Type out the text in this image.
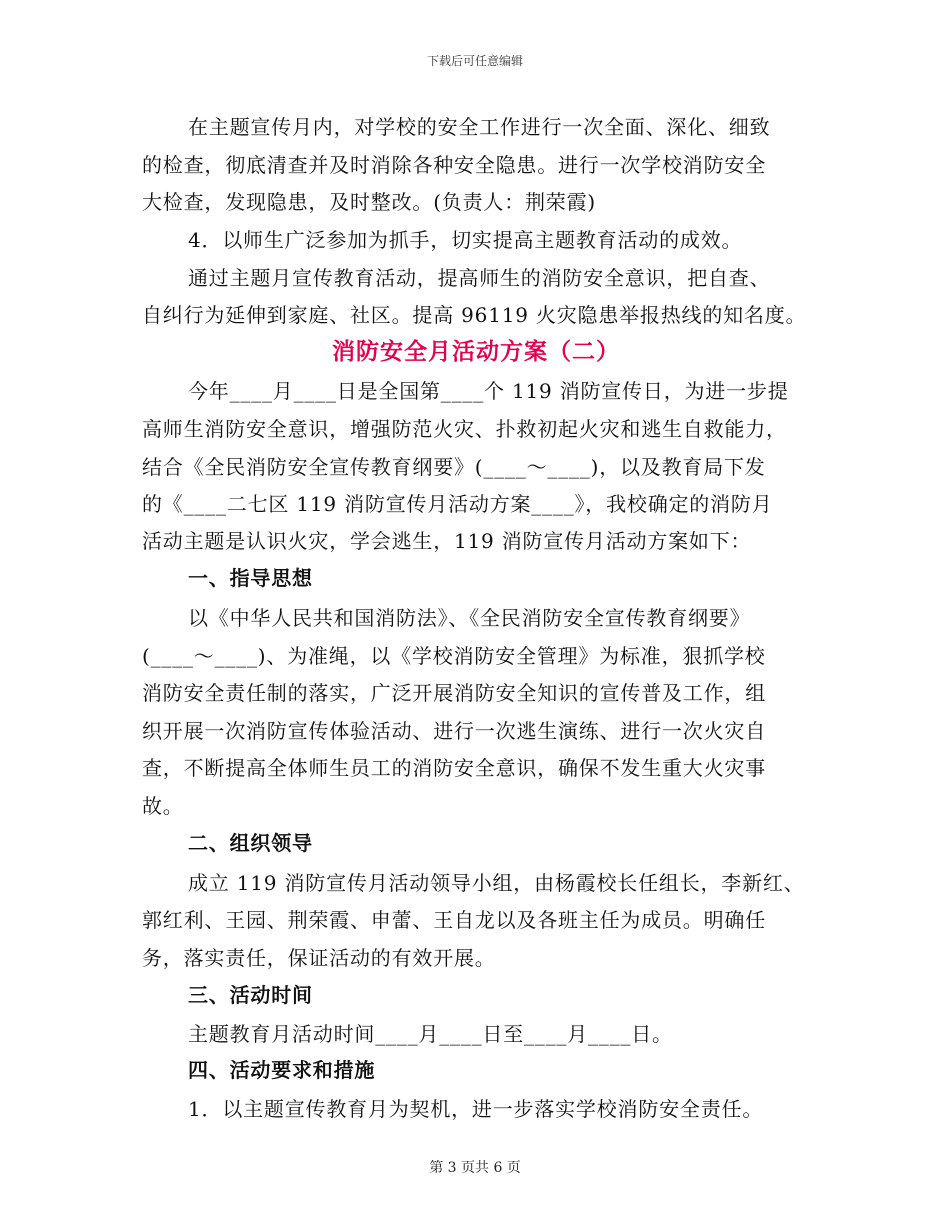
下载后可任意编辑
在主题宣传月内，对学校的安全工作进行一次全面、深化、细致
的检查，彻底清查并及时消除各种安全隐患。进行一次学校消防安全
大检查，发现隐患，及时整改。(负责人：荆荣霞)
4．以师生广泛参加为抓手，切实提高主题教育活动的成效。
通过主题月宣传教育活动，提高师生的消防安全意识，把自查、
自纠行为延伸到家庭、社区。提高 96119 火灾隐患举报热线的知名度。
消防安全月活动方案（二）
今年____月____日是全国第____个 119 消防宣传日，为进一步提
高师生消防安全意识，增强防范火灾、扑救初起火灾和逃生自救能力，
结合《全民消防安全宣传教育纲要》(____～____)，以及教育局下发
的《____二七区 119 消防宣传月活动方案____》，我校确定的消防月
活动主题是认识火灾，学会逃生，119 消防宣传月活动方案如下：
一、指导思想
以《中华人民共和国消防法》、《全民消防安全宣传教育纲要》
(____～____)、为准绳，以《学校消防安全管理》为标准，狠抓学校
消防安全责任制的落实，广泛开展消防安全知识的宣传普及工作，组
织开展一次消防宣传体验活动、进行一次逃生演练、进行一次火灾自
查，不断提高全体师生员工的消防安全意识，确保不发生重大火灾事
故。
二、组织领导
成立 119 消防宣传月活动领导小组，由杨霞校长任组长，李新红、
郭红利、王园、荆荣霞、申蕾、王自龙以及各班主任为成员。明确任
务，落实责任，保证活动的有效开展。
三、活动时间
主题教育月活动时间____月____日至____月____日。
四、活动要求和措施
1．以主题宣传教育月为契机，进一步落实学校消防安全责任。
第 3 页共 6 页
